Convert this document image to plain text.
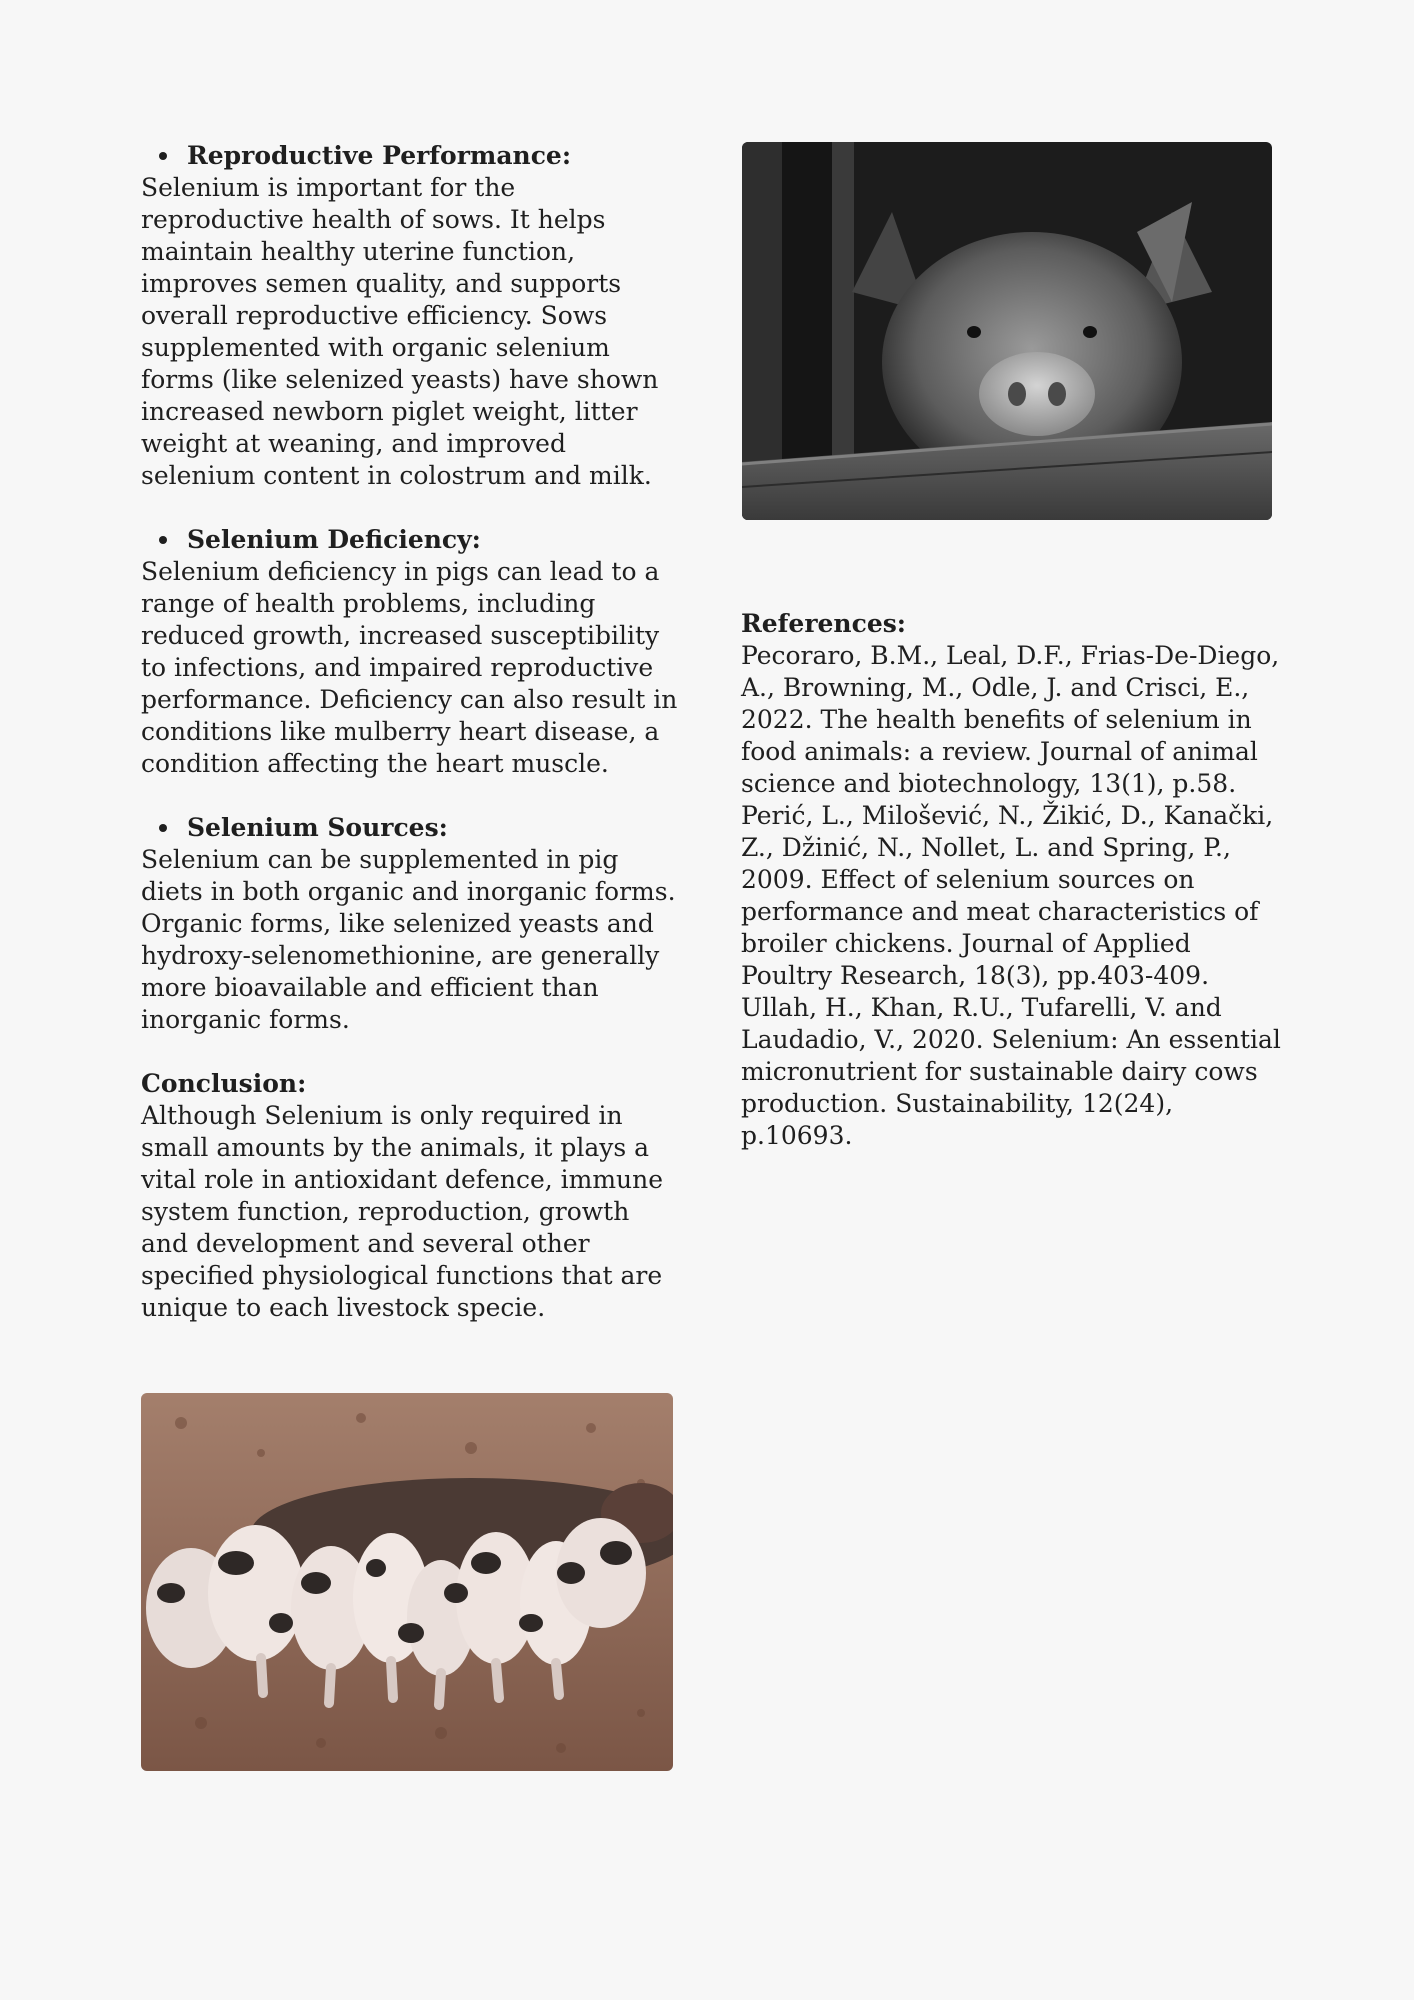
Reproductive Performance:
Selenium is important for the reproductive health of sows. It helps maintain healthy uterine function, improves semen quality, and supports overall reproductive efficiency. Sows supplemented with organic selenium forms (like selenized yeasts) have shown increased newborn piglet weight, litter weight at weaning, and improved selenium content in colostrum and milk.
Selenium Deficiency:
Selenium deficiency in pigs can lead to a range of health problems, including reduced growth, increased susceptibility to infections, and impaired reproductive performance. Deficiency can also result in conditions like mulberry heart disease, a condition affecting the heart muscle.
Selenium Sources:
Selenium can be supplemented in pig diets in both organic and inorganic forms. Organic forms, like selenized yeasts and hydroxy-selenomethionine, are generally more bioavailable and efficient than inorganic forms.
Conclusion:
Although Selenium is only required in small amounts by the animals, it plays a vital role in antioxidant defence, immune system function, reproduction, growth and development and several other specified physiological functions that are unique to each livestock specie.
References:

Pecoraro, B.M., Leal, D.F., Frias-De-Diego, A., Browning, M., Odle, J. and Crisci, E., 2022. The health benefits of selenium in food animals: a review. Journal of animal science and biotechnology, 13(1), p.58.

Perić, L., Milošević, N., Žikić, D., Kanački, Z., Džinić, N., Nollet, L. and Spring, P., 2009. Effect of selenium sources on performance and meat characteristics of broiler chickens. Journal of Applied Poultry Research, 18(3), pp.403-409.

Ullah, H., Khan, R.U., Tufarelli, V. and Laudadio, V., 2020. Selenium: An essential micronutrient for sustainable dairy cows production. Sustainability, 12(24), p.10693.
